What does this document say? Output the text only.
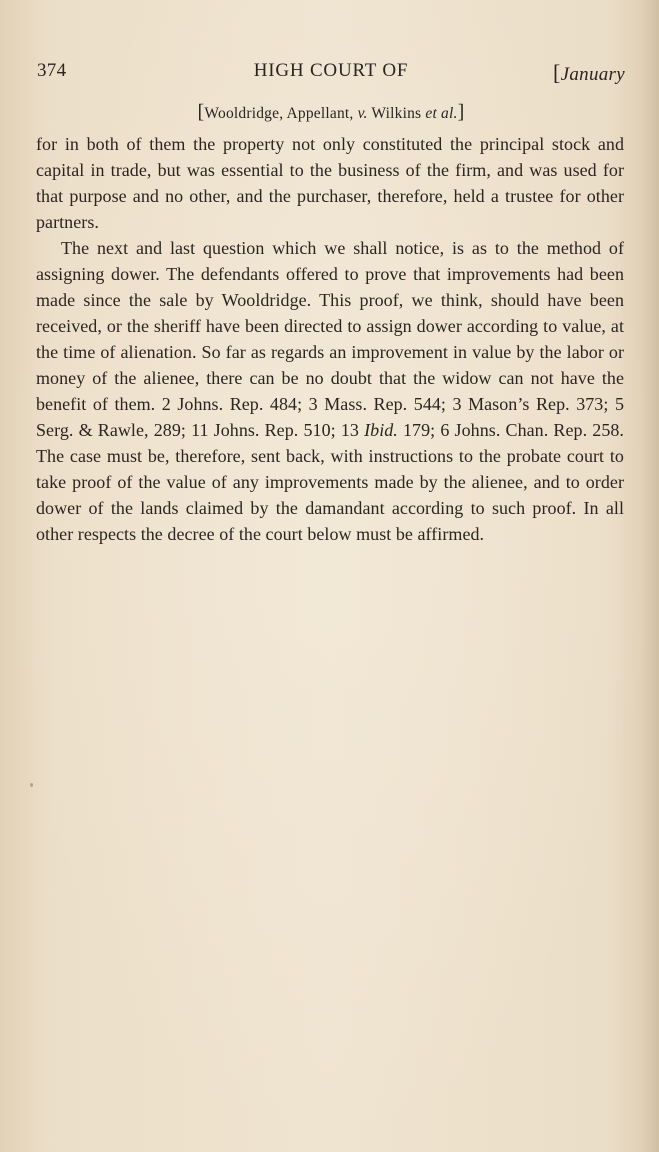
374	HIGH COURT OF	[January
[Wooldridge, Appellant, v. Wilkins et al.]

for in both of them the property not only constituted the principal stock and capital in trade, but was essential to the business of the firm, and was used for that purpose and no other, and the purchaser, therefore, held a trustee for other partners.

The next and last question which we shall notice, is as to the method of assigning dower. The defendants offered to prove that improvements had been made since the sale by Wooldridge. This proof, we think, should have been received, or the sheriff have been directed to assign dower according to value, at the time of alienation. So far as regards an improvement in value by the labor or money of the alienee, there can be no doubt that the widow can not have the benefit of them. 2 Johns. Rep. 484; 3 Mass. Rep. 544; 3 Mason’s Rep. 373; 5 Serg. & Rawle, 289; 11 Johns. Rep. 510; 13 Ibid. 179; 6 Johns. Chan. Rep. 258. The case must be, therefore, sent back, with instructions to the probate court to take proof of the value of any improvements made by the alienee, and to order dower of the lands claimed by the damandant according to such proof. In all other respects the decree of the court below must be affirmed.
